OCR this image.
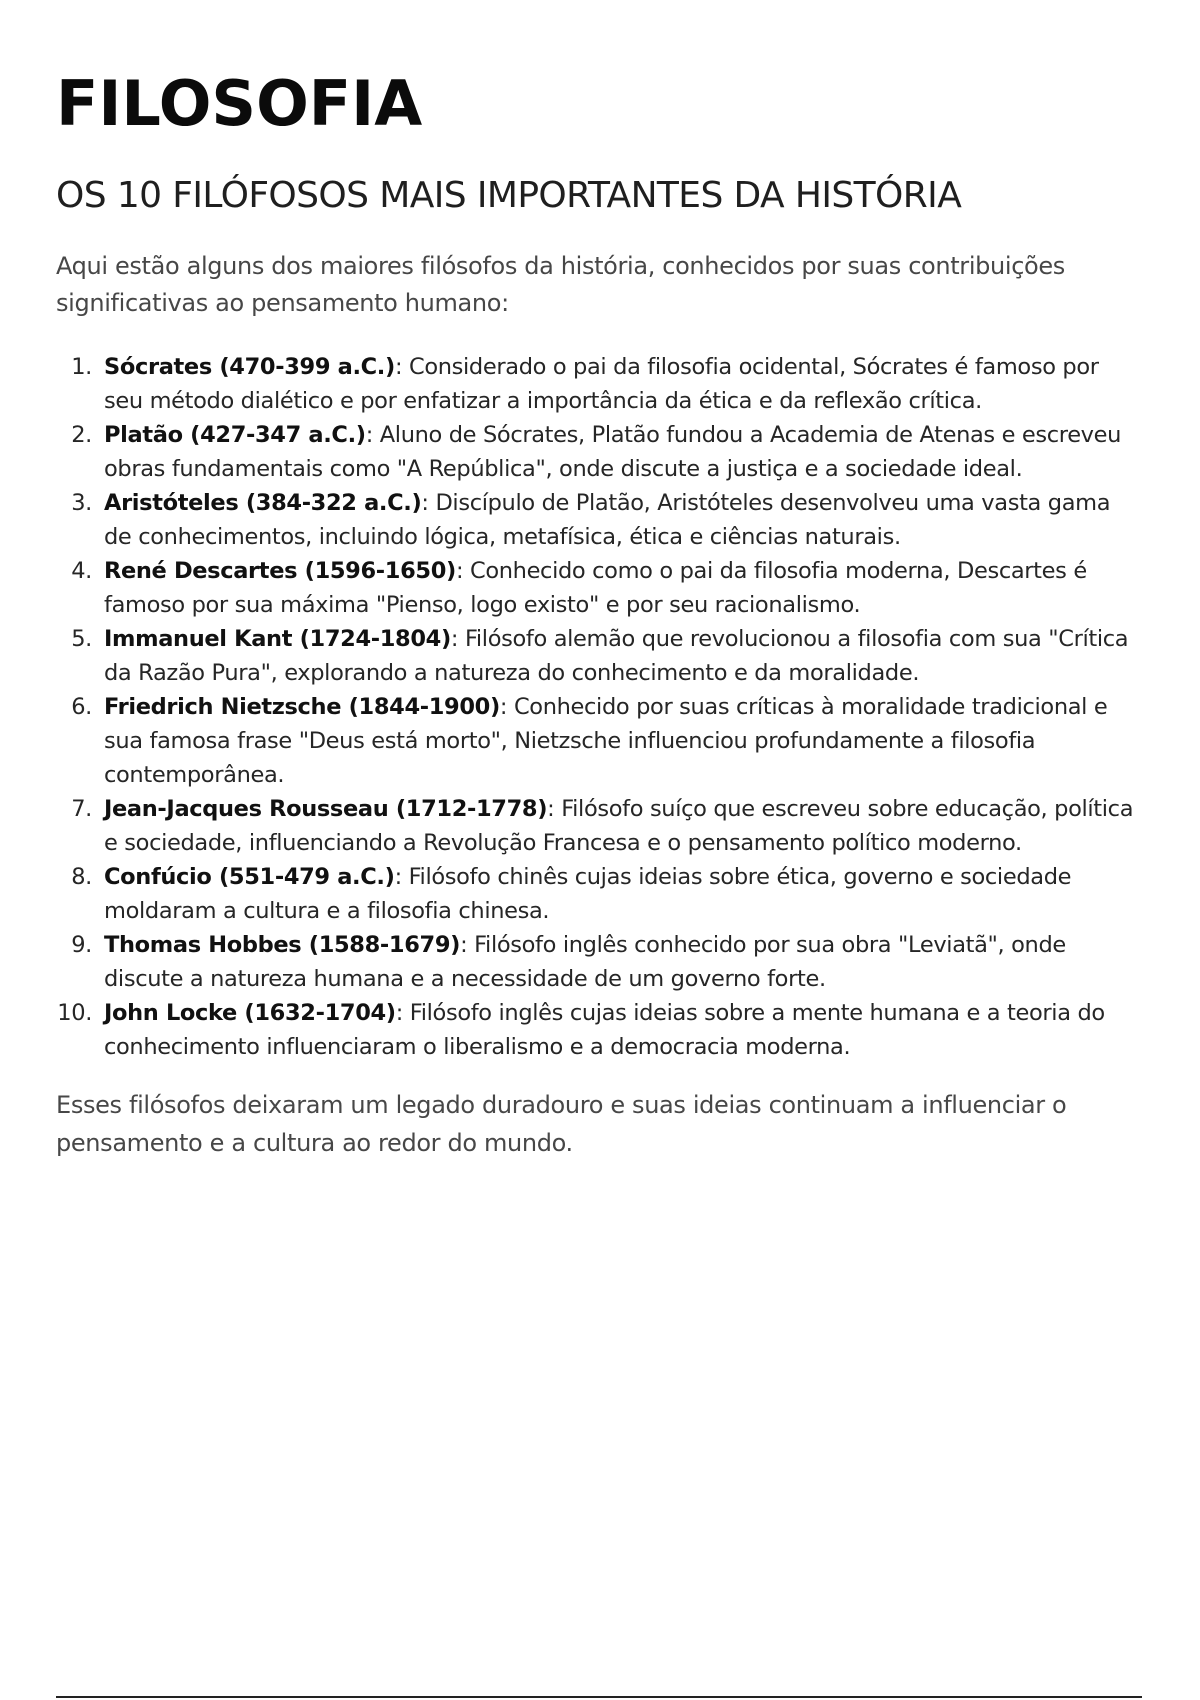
FILOSOFIA
OS 10 FILÓFOSOS MAIS IMPORTANTES DA HISTÓRIA

Aqui estão alguns dos maiores filósofos da história, conhecidos por suas contribuições significativas ao pensamento humano:

1. Sócrates (470-399 a.C.): Considerado o pai da filosofia ocidental, Sócrates é famoso por seu método dialético e por enfatizar a importância da ética e da reflexão crítica.
2. Platão (427-347 a.C.): Aluno de Sócrates, Platão fundou a Academia de Atenas e escreveu obras fundamentais como "A República", onde discute a justiça e a sociedade ideal.
3. Aristóteles (384-322 a.C.): Discípulo de Platão, Aristóteles desenvolveu uma vasta gama de conhecimentos, incluindo lógica, metafísica, ética e ciências naturais.
4. René Descartes (1596-1650): Conhecido como o pai da filosofia moderna, Descartes é famoso por sua máxima "Pienso, logo existo" e por seu racionalismo.
5. Immanuel Kant (1724-1804): Filósofo alemão que revolucionou a filosofia com sua "Crítica da Razão Pura", explorando a natureza do conhecimento e da moralidade.
6. Friedrich Nietzsche (1844-1900): Conhecido por suas críticas à moralidade tradicional e sua famosa frase "Deus está morto", Nietzsche influenciou profundamente a filosofia contemporânea.
7. Jean-Jacques Rousseau (1712-1778): Filósofo suíço que escreveu sobre educação, política e sociedade, influenciando a Revolução Francesa e o pensamento político moderno.
8. Confúcio (551-479 a.C.): Filósofo chinês cujas ideias sobre ética, governo e sociedade moldaram a cultura e a filosofia chinesa.
9. Thomas Hobbes (1588-1679): Filósofo inglês conhecido por sua obra "Leviatã", onde discute a natureza humana e a necessidade de um governo forte.
10. John Locke (1632-1704): Filósofo inglês cujas ideias sobre a mente humana e a teoria do conhecimento influenciaram o liberalismo e a democracia moderna.

Esses filósofos deixaram um legado duradouro e suas ideias continuam a influenciar o pensamento e a cultura ao redor do mundo.
